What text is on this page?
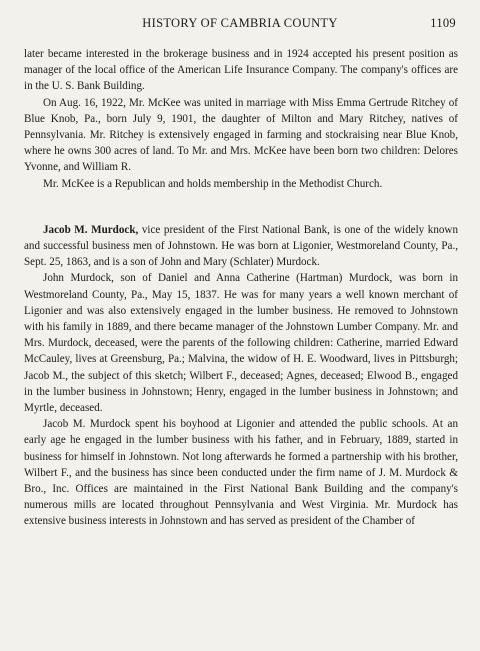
HISTORY OF CAMBRIA COUNTY	1109

later became interested in the brokerage business and in 1924 accepted his present position as manager of the local office of the American Life Insurance Company. The company's offices are in the U. S. Bank Building.

On Aug. 16, 1922, Mr. McKee was united in marriage with Miss Emma Gertrude Ritchey of Blue Knob, Pa., born July 9, 1901, the daughter of Milton and Mary Ritchey, natives of Pennsylvania. Mr. Ritchey is extensively engaged in farming and stockraising near Blue Knob, where he owns 300 acres of land. To Mr. and Mrs. McKee have been born two children: Delores Yvonne, and William R.

Mr. McKee is a Republican and holds membership in the Methodist Church.

Jacob M. Murdock, vice president of the First National Bank, is one of the widely known and successful business men of Johnstown. He was born at Ligonier, Westmoreland County, Pa., Sept. 25, 1863, and is a son of John and Mary (Schlater) Murdock.

John Murdock, son of Daniel and Anna Catherine (Hartman) Murdock, was born in Westmoreland County, Pa., May 15, 1837. He was for many years a well known merchant of Ligonier and was also extensively engaged in the lumber business. He removed to Johnstown with his family in 1889, and there became manager of the Johnstown Lumber Company. Mr. and Mrs. Murdock, deceased, were the parents of the following children: Catherine, married Edward McCauley, lives at Greensburg, Pa.; Malvina, the widow of H. E. Woodward, lives in Pittsburgh; Jacob M., the subject of this sketch; Wilbert F., deceased; Agnes, deceased; Elwood B., engaged in the lumber business in Johnstown; Henry, engaged in the lumber business in Johnstown; and Myrtle, deceased.

Jacob M. Murdock spent his boyhood at Ligonier and attended the public schools. At an early age he engaged in the lumber business with his father, and in February, 1889, started in business for himself in Johnstown. Not long afterwards he formed a partnership with his brother, Wilbert F., and the business has since been conducted under the firm name of J. M. Murdock & Bro., Inc. Offices are maintained in the First National Bank Building and the company's numerous mills are located throughout Pennsylvania and West Virginia. Mr. Murdock has extensive business interests in Johnstown and has served as president of the Chamber of
